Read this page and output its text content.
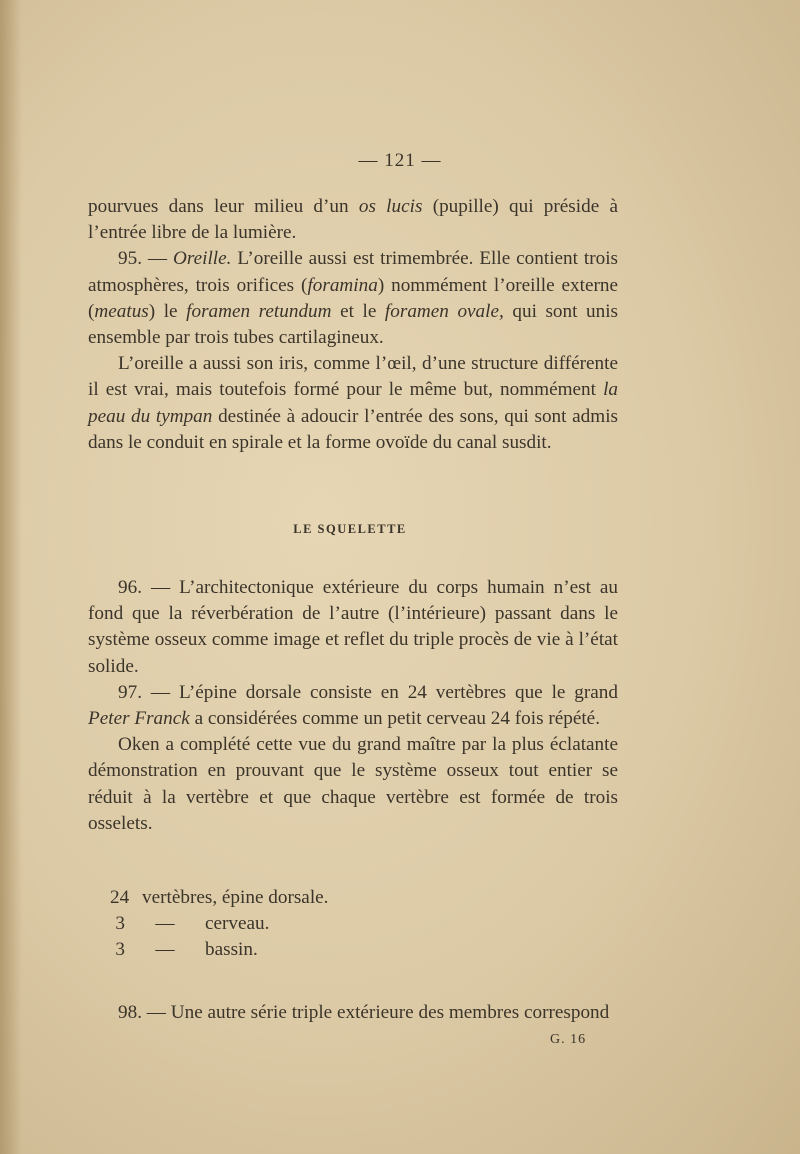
— 121 —

pourvues dans leur milieu d’un os lucis (pupille) qui préside à l’entrée libre de la lumière.

95. — Oreille. L’oreille aussi est trimembrée. Elle contient trois atmosphères, trois orifices (foramina) nommément l’oreille externe (meatus) le foramen retundum et le foramen ovale, qui sont unis ensemble par trois tubes cartilagineux.

L’oreille a aussi son iris, comme l’œil, d’une structure différente il est vrai, mais toutefois formé pour le même but, nommément la peau du tympan destinée à adoucir l’entrée des sons, qui sont admis dans le conduit en spirale et la forme ovoïde du canal susdit.

LE SQUELETTE

96. — L’architectonique extérieure du corps humain n’est au fond que la réverbération de l’autre (l’intérieure) passant dans le système osseux comme image et reflet du triple procès de vie à l’état solide.

97. — L’épine dorsale consiste en 24 vertèbres que le grand Peter Franck a considérées comme un petit cerveau 24 fois répété.

Oken a complété cette vue du grand maître par la plus éclatante démonstration en prouvant que le système osseux tout entier se réduit à la vertèbre et que chaque vertèbre est formée de trois osselets.

24 vertèbres, épine dorsale.
3	—	cerveau.
3	—	bassin.

98. — Une autre série triple extérieure des membres correspond

G. 16
